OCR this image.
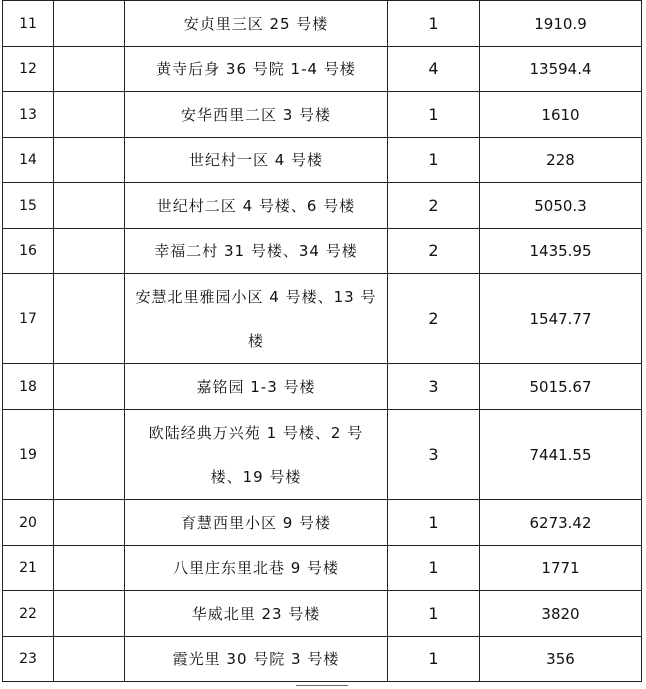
11		安贞里三区 25 号楼	1	1910.9
12		黄寺后身 36 号院 1-4 号楼	4	13594.4
13		安华西里二区 3 号楼	1	1610
14		世纪村一区 4 号楼	1	228
15		世纪村二区 4 号楼、6 号楼	2	5050.3
16		幸福二村 31 号楼、34 号楼	2	1435.95
17		安慧北里雅园小区 4 号楼、13 号楼	2	1547.77
18		嘉铭园 1-3 号楼	3	5015.67
19		欧陆经典万兴苑 1 号楼、2 号楼、19 号楼	3	7441.55
20		育慧西里小区 9 号楼	1	6273.42
21		八里庄东里北巷 9 号楼	1	1771
22		华威北里 23 号楼	1	3820
23		霞光里 30 号院 3 号楼	1	356
